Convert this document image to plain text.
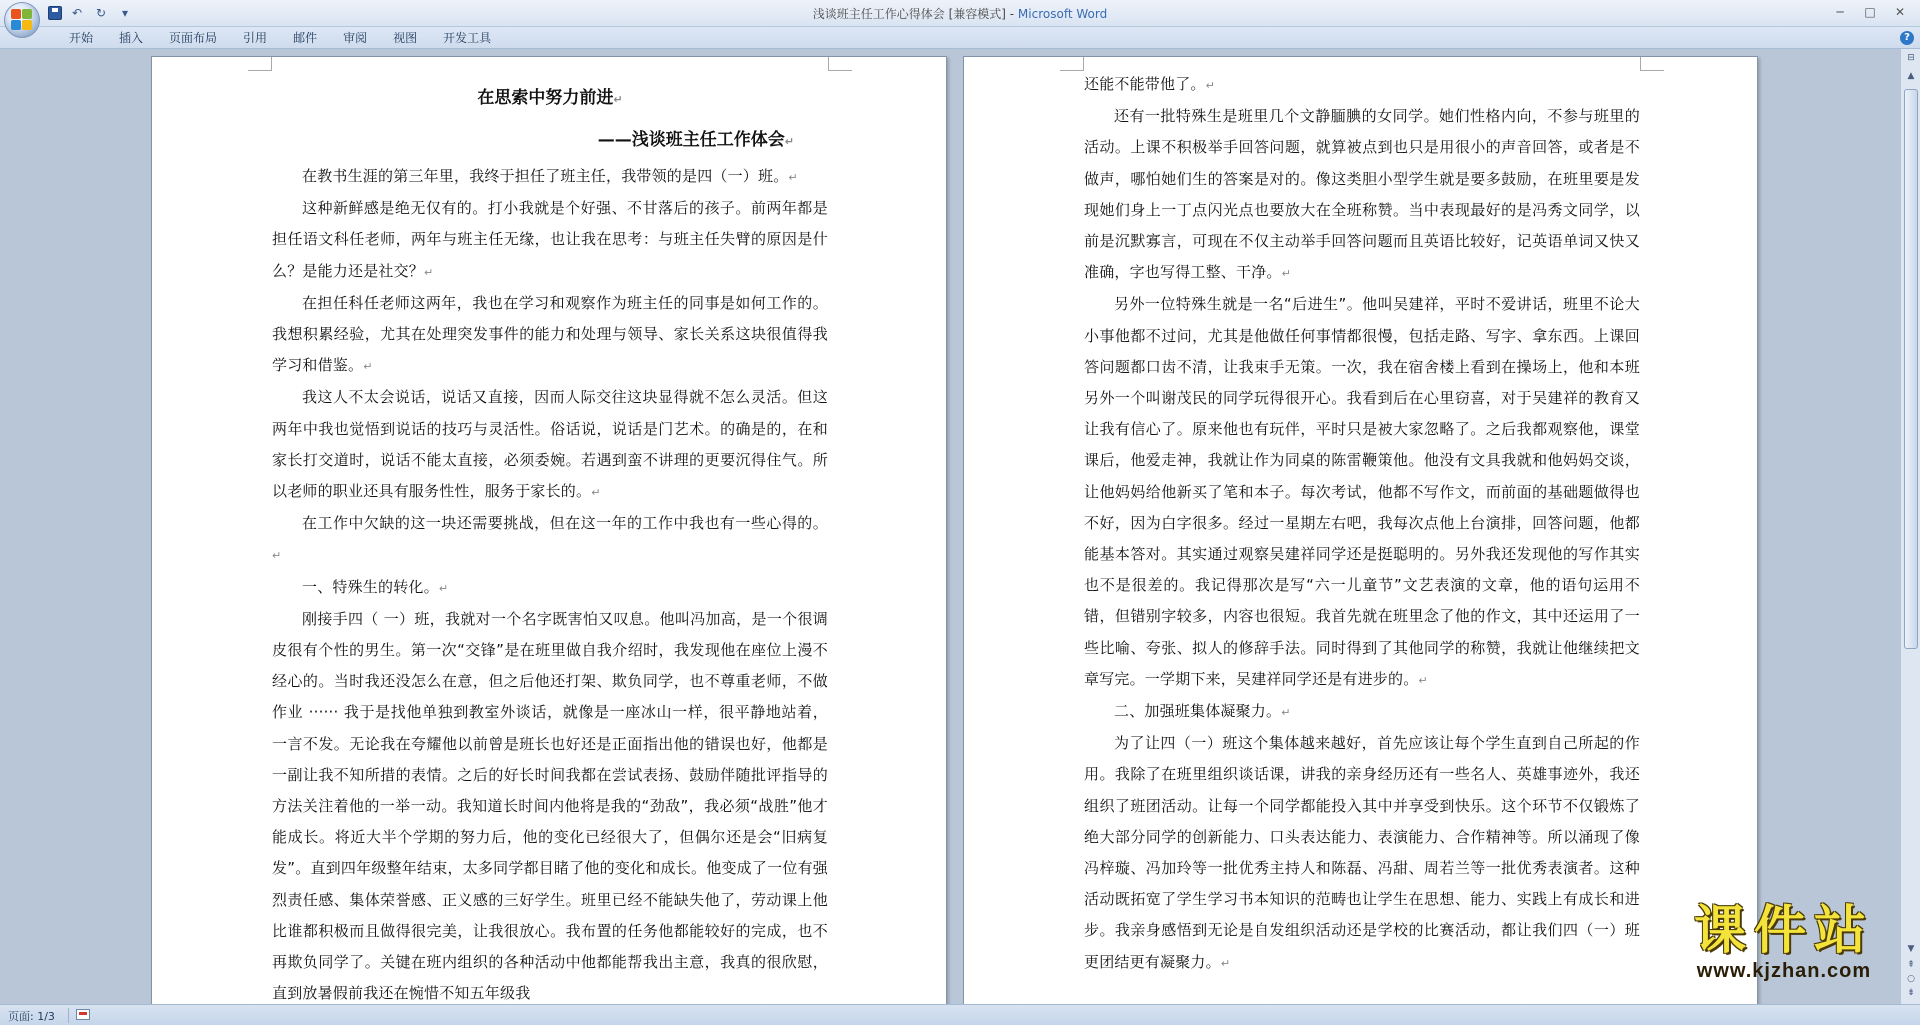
↶	↻	▾	浅谈班主任工作心得体会 [兼容模式] - Microsoft Word	─	□	✕
开始	插入	页面布局	引用	邮件	审阅	视图	开发工具	?
在思索中努力前进↵
——浅谈班主任工作体会↵
在教书生涯的第三年里，我终于担任了班主任，我带领的是四（一）班。↵
这种新鲜感是绝无仅有的。打小我就是个好强、不甘落后的孩子。前两年都是担任语文科任老师，两年与班主任无缘，也让我在思考：与班主任失臂的原因是什么？是能力还是社交？↵
在担任科任老师这两年，我也在学习和观察作为班主任的同事是如何工作的。我想积累经验，尤其在处理突发事件的能力和处理与领导、家长关系这块很值得我学习和借鉴。↵
我这人不太会说话，说话又直接，因而人际交往这块显得就不怎么灵活。但这两年中我也觉悟到说话的技巧与灵活性。俗话说，说话是门艺术。的确是的，在和家长打交道时，说话不能太直接，必须委婉。若遇到蛮不讲理的更要沉得住气。所以老师的职业还具有服务性性，服务于家长的。↵
在工作中欠缺的这一块还需要挑战，但在这一年的工作中我也有一些心得的。↵
一、特殊生的转化。↵
刚接手四（ 一）班，我就对一个名字既害怕又叹息。他叫冯加高，是一个很调皮很有个性的男生。第一次“交锋”是在班里做自我介绍时，我发现他在座位上漫不经心的。当时我还没怎么在意，但之后他还打架、欺负同学，也不尊重老师，不做作业 ······ 我于是找他单独到教室外谈话，就像是一座冰山一样，很平静地站着，一言不发。无论我在夸耀他以前曾是班长也好还是正面指出他的错误也好，他都是一副让我不知所措的表情。之后的好长时间我都在尝试表扬、鼓励伴随批评指导的方法关注着他的一举一动。我知道长时间内他将是我的“劲敌”，我必须“战胜”他才能成长。将近大半个学期的努力后，他的变化已经很大了，但偶尔还是会“旧病复发”。直到四年级整年结束，太多同学都目睹了他的变化和成长。他变成了一位有强烈责任感、集体荣誉感、正义感的三好学生。班里已经不能缺失他了，劳动课上他比谁都积极而且做得很完美，让我很放心。我布置的任务他都能较好的完成，也不再欺负同学了。关键在班内组织的各种活动中他都能帮我出主意，我真的很欣慰，直到放暑假前我还在惋惜不知五年级我
还能不能带他了。↵
还有一批特殊生是班里几个文静腼腆的女同学。她们性格内向，不参与班里的活动。上课不积极举手回答问题，就算被点到也只是用很小的声音回答，或者是不做声，哪怕她们生的答案是对的。像这类胆小型学生就是要多鼓励，在班里要是发现她们身上一丁点闪光点也要放大在全班称赞。当中表现最好的是冯秀文同学，以前是沉默寡言，可现在不仅主动举手回答问题而且英语比较好，记英语单词又快又准确，字也写得工整、干净。↵
另外一位特殊生就是一名“后进生”。他叫吴建祥，平时不爱讲话，班里不论大小事他都不过问，尤其是他做任何事情都很慢，包括走路、写字、拿东西。上课回答问题都口齿不清，让我束手无策。一次，我在宿舍楼上看到在操场上，他和本班另外一个叫谢茂民的同学玩得很开心。我看到后在心里窃喜，对于吴建祥的教育又让我有信心了。原来他也有玩伴，平时只是被大家忽略了。之后我都观察他，课堂课后，他爱走神，我就让作为同桌的陈雷鞭策他。他没有文具我就和他妈妈交谈，让他妈妈给他新买了笔和本子。每次考试，他都不写作文，而前面的基础题做得也不好，因为白字很多。经过一星期左右吧，我每次点他上台演排，回答问题，他都能基本答对。其实通过观察吴建祥同学还是挺聪明的。另外我还发现他的写作其实也不是很差的。我记得那次是写“六一儿童节”文艺表演的文章，他的语句运用不错，但错别字较多，内容也很短。我首先就在班里念了他的作文，其中还运用了一些比喻、夸张、拟人的修辞手法。同时得到了其他同学的称赞，我就让他继续把文章写完。一学期下来，吴建祥同学还是有进步的。↵
二、加强班集体凝聚力。↵
为了让四（一）班这个集体越来越好，首先应该让每个学生直到自己所起的作用。我除了在班里组织谈话课，讲我的亲身经历还有一些名人、英雄事迹外，我还组织了班团活动。让每一个同学都能投入其中并享受到快乐。这个环节不仅锻炼了绝大部分同学的创新能力、口头表达能力、表演能力、合作精神等。所以涌现了像冯梓璇、冯加玲等一批优秀主持人和陈磊、冯甜、周若兰等一批优秀表演者。这种活动既拓宽了学生学习书本知识的范畴也让学生在思想、能力、实践上有成长和进步。我亲身感悟到无论是自发组织活动还是学校的比赛活动，都让我们四（一）班更团结更有凝聚力。↵
课件站
www.kjzhan.com
⊟
▲
▼
⇞
○
⇟
页面: 1/3
